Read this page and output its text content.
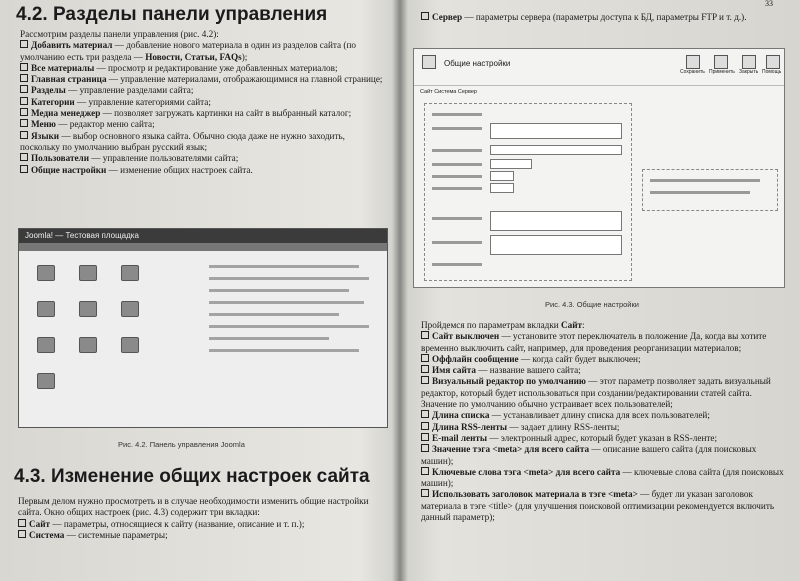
4.2. Разделы панели управления
Рассмотрим разделы панели управления (рис. 4.2):
Добавить материал — добавление нового материала в один из разделов сайта (по умолчанию есть три раздела — Новости, Статьи, FAQs);
Все материалы — просмотр и редактирование уже добавленных материалов;
Главная страница — управление материалами, отображающимися на главной странице;
Разделы — управление разделами сайта;
Категории — управление категориями сайта;
Медиа менеджер — позволяет загружать картинки на сайт в выбранный каталог;
Меню — редактор меню сайта;
Языки — выбор основного языка сайта. Обычно сюда даже не нужно заходить, поскольку по умолчанию выбран русский язык;
Пользователи — управление пользователями сайта;
Общие настройки — изменение общих настроек сайта.
Joomla! — Тестовая площадка
Рис. 4.2. Панель управления Joomla
4.3. Изменение общих настроек сайта
Первым делом нужно просмотреть и в случае необходимости изменить общие настройки сайта. Окно общих настроек (рис. 4.3) содержит три вкладки:
Сайт — параметры, относящиеся к сайту (название, описание и т. п.);
Система — системные параметры;
33
Сервер — параметры сервера (параметры доступа к БД, параметры FTP и т. д.).
Общие настройки
Сохранить Применить Закрыть Помощь
Сайт Система Сервер
Рис. 4.3. Общие настройки
Пройдемся по параметрам вкладки Сайт:
Сайт выключен — установите этот переключатель в положение Да, когда вы хотите временно выключить сайт, например, для проведения реорганизации материалов;
Оффлайн сообщение — когда сайт будет выключен;
Имя сайта — название вашего сайта;
Визуальный редактор по умолчанию — этот параметр позволяет задать визуальный редактор, который будет использоваться при создании/редактировании статей сайта. Значение по умолчанию обычно устраивает всех пользователей;
Длина списка — устанавливает длину списка для всех пользователей;
Длина RSS-ленты — задает длину RSS-ленты;
E-mail ленты — электронный адрес, который будет указан в RSS-ленте;
Значение тэга <meta> для всего сайта — описание вашего сайта (для поисковых машин);
Ключевые слова тэга <meta> для всего сайта — ключевые слова сайта (для поисковых машин);
Использовать заголовок материала в тэге <meta> — будет ли указан заголовок материала в тэге <title> (для улучшения поисковой оптимизации рекомендуется включить данный параметр);
